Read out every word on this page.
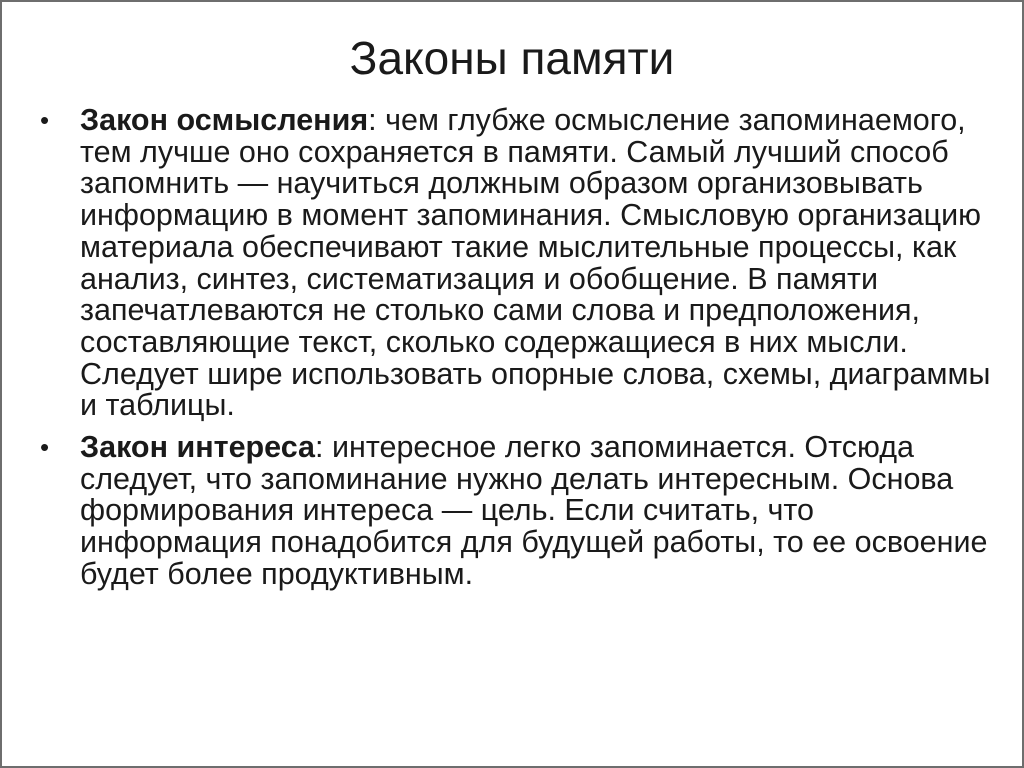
Законы памяти
• Закон осмысления: чем глубже осмысление запоминаемого, тем лучше оно сохраняется в памяти. Самый лучший способ запомнить — научиться должным образом организовывать информацию в момент запоминания. Смысловую организацию материала обеспечивают такие мыслительные процессы, как анализ, синтез, систематизация и обобщение. В памяти запечатлеваются не столько сами слова и предположения, составляющие текст, сколько содержащиеся в них мысли. Следует шире использовать опорные слова, схемы, диаграммы и таблицы.
• Закон интереса: интересное легко запоминается. Отсюда следует, что запоминание нужно делать интересным. Основа формирования интереса — цель. Если считать, что информация понадобится для будущей работы, то ее освоение будет более продуктивным.
